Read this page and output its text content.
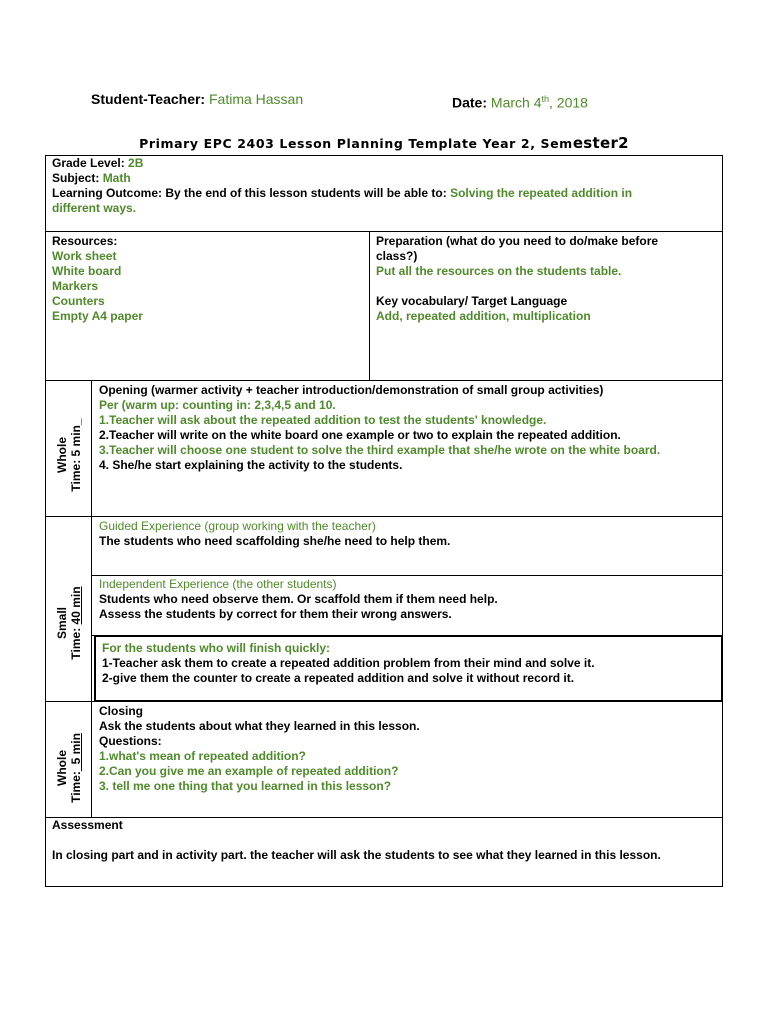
Student-Teacher: Fatima Hassan	Date: March 4th, 2018
Primary EPC 2403 Lesson Planning Template Year 2, Semester2
Grade Level: 2B
Subject: Math
Learning Outcome: By the end of this lesson students will be able to: Solving the repeated addition in
different ways.
Resources:
Work sheet
White board
Markers
Counters
Empty A4 paper
Preparation (what do you need to do/make before
class?)
Put all the resources on the students table.
Key vocabulary/ Target Language
Add, repeated addition, multiplication
Whole Time: 5 min_
Opening (warmer activity + teacher introduction/demonstration of small group activities)
Per (warm up: counting in: 2,3,4,5 and 10.
1.Teacher will ask about the repeated addition to test the students' knowledge.
2.Teacher will write on the white board one example or two to explain the repeated addition.
3.Teacher will choose one student to solve the third example that she/he wrote on the white board.
4. She/he start explaining the activity to the students.
Small
Time: 40 min
Guided Experience (group working with the teacher)
The students who need scaffolding she/he need to help them.
Independent Experience (the other students)
Students who need observe them. Or scaffold them if them need help.
Assess the students by correct for them their wrong answers.
For the students who will finish quickly:
1-Teacher ask them to create a repeated addition problem from their mind and solve it.
2-give them the counter to create a repeated addition and solve it without record it.
Whole
Time:_5 min
Closing
Ask the students about what they learned in this lesson.
Questions:
1.what's mean of repeated addition?
2.Can you give me an example of repeated addition?
3. tell me one thing that you learned in this lesson?
Assessment
In closing part and in activity part. the teacher will ask the students to see what they learned in this lesson.
